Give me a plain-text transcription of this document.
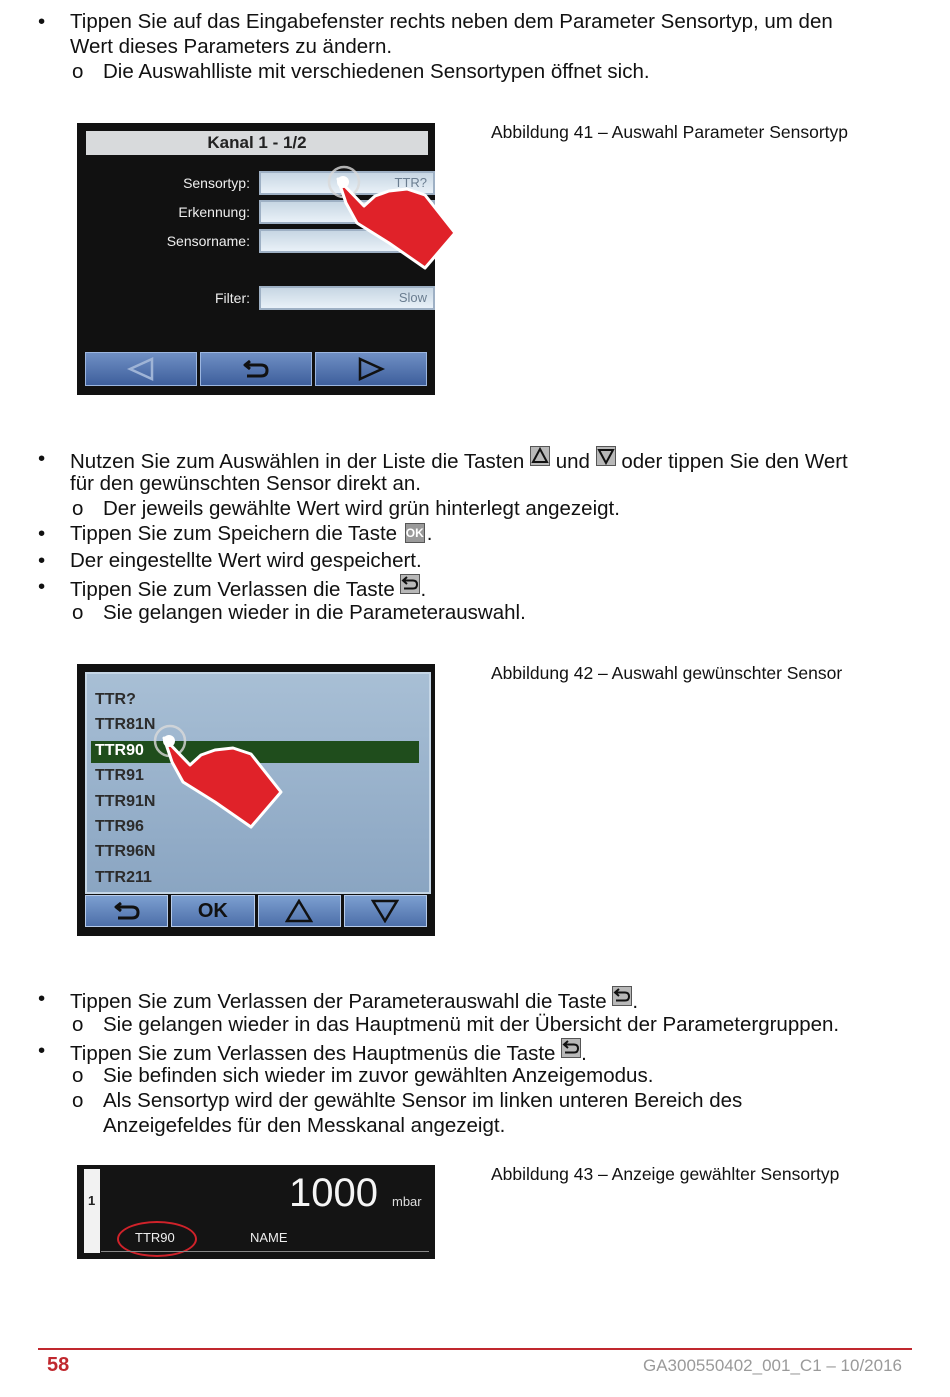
• Tippen Sie auf das Eingabefenster rechts neben dem Parameter Sensortyp, um den
Wert dieses Parameters zu ändern.
o Die Auswahlliste mit verschiedenen Sensortypen öffnet sich.
Kanal 1 - 1/2
Sensortyp:	TTR?
Erkennung:
Sensorname:
Filter:	Slow
Abbildung 41 – Auswahl Parameter Sensortyp
• Nutzen Sie zum Auswählen in der Liste die Tasten und oder tippen Sie den Wert
für den gewünschten Sensor direkt an.
o Der jeweils gewählte Wert wird grün hinterlegt angezeigt.
• Tippen Sie zum Speichern die Taste OK .
• Der eingestellte Wert wird gespeichert.
• Tippen Sie zum Verlassen die Taste .
o Sie gelangen wieder in die Parameterauswahl.
TTR?
TTR81N
TTR90
TTR91
TTR91N
TTR96
TTR96N
TTR211
OK
Abbildung 42 – Auswahl gewünschter Sensor
• Tippen Sie zum Verlassen der Parameterauswahl die Taste .
o Sie gelangen wieder in das Hauptmenü mit der Übersicht der Parametergruppen.
• Tippen Sie zum Verlassen des Hauptmenüs die Taste .
o Sie befinden sich wieder im zuvor gewählten Anzeigemodus.
o Als Sensortyp wird der gewählte Sensor im linken unteren Bereich des
Anzeigefeldes für den Messkanal angezeigt.
1	1000 mbar
TTR90	NAME
Abbildung 43 – Anzeige gewählter Sensortyp
58	GA300550402_001_C1 – 10/2016
